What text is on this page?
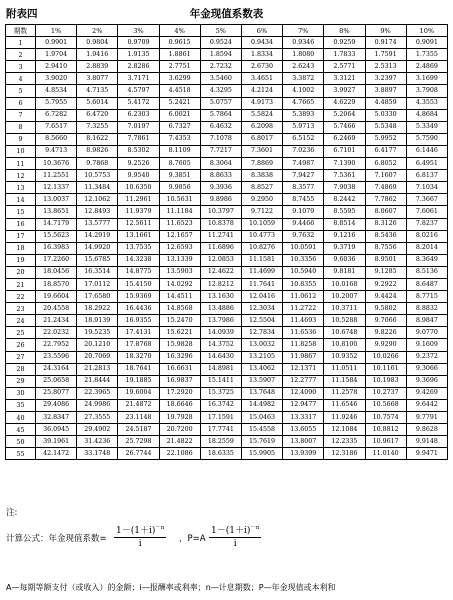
附表四	年金现值系数表
期数	1%	2%	3%	4%	5%	6%	7%	8%	9%	10%
1	0.9901	0.9804	0.9709	0.9615	0.9524	0.9434	0.9346	0.9259	0.9174	0.9091
2	1.9704	1.9416	1.9135	1.8861	1.8594	1.8334	1.8080	1.7833	1.7591	1.7355
3	2.9410	2.8839	2.8286	2.7751	2.7232	2.6730	2.6243	2.5771	2.5313	2.4869
4	3.9020	3.8077	3.7171	3.6299	3.5460	3.4651	3.3872	3.3121	3.2397	3.1699
5	4.8534	4.7135	4.5797	4.4518	4.3295	4.2124	4.1002	3.9927	3.8897	3.7908
6	5.7955	5.6014	5.4172	5.2421	5.0757	4.9173	4.7665	4.6229	4.4859	4.3553
7	6.7282	6.4720	6.2303	6.0021	5.7864	5.5824	5.3893	5.2064	5.0330	4.8684
8	7.6517	7.3255	7.0197	6.7327	6.4632	6.2098	5.9713	5.7466	5.5348	5.3349
9	8.5660	8.1622	7.7861	7.4353	7.1078	6.8017	6.5152	6.2469	5.9952	5.7590
10	9.4713	8.9826	8.5302	8.1109	7.7217	7.3601	7.0236	6.7101	6.4177	6.1446
11	10.3676	9.7868	9.2526	8.7605	8.3064	7.8869	7.4987	7.1390	6.8052	6.4951
12	11.2551	10.5753	9.9540	9.3851	8.8633	8.3838	7.9427	7.5361	7.1607	6.8137
13	12.1337	11.3484	10.6350	9.9856	9.3936	8.8527	8.3577	7.9038	7.4869	7.1034
14	13.0037	12.1062	11.2961	10.5631	9.8986	9.2950	8.7455	8.2442	7.7862	7.3667
15	13.8651	12.8493	11.9379	11.1184	10.3797	9.7122	9.1079	8.5595	8.0607	7.6061
16	14.7179	13.5777	12.5611	11.6523	10.8378	10.1059	9.4466	8.8514	8.3126	7.8237
17	15.5623	14.2919	13.1661	12.1657	11.2741	10.4773	9.7632	9.1216	8.5436	8.0216
18	16.3983	14.9920	13.7535	12.6593	11.6896	10.8276	10.0591	9.3719	8.7556	8.2014
19	17.2260	15.6785	14.3238	13.1339	12.0853	11.1581	10.3356	9.6036	8.9501	8.3649
20	18.0456	16.3514	14.8775	13.5903	12.4622	11.4699	10.5940	9.8181	9.1285	8.5136
21	18.8570	17.0112	15.4150	14.0292	12.8212	11.7641	10.8355	10.0168	9.2922	8.6487
22	19.6604	17.6580	15.9369	14.4511	13.1630	12.0416	11.0612	10.2007	9.4424	8.7715
23	20.4558	18.2922	16.4436	14.8568	13.4886	12.3034	11.2722	10.3711	9.5802	8.8832
24	21.2434	18.9139	16.9355	15.2470	13.7986	12.5504	11.4693	10.5288	9.7066	8.9847
25	22.0232	19.5235	17.4131	15.6221	14.0939	12.7834	11.6536	10.6748	9.8226	9.0770
26	22.7952	20.1210	17.8768	15.9828	14.3752	13.0032	11.8258	10.8100	9.9290	9.1609
27	23.5596	20.7069	18.3270	16.3296	14.6430	13.2105	11.9867	10.9352	10.0266	9.2372
28	24.3164	21.2813	18.7641	16.6631	14.8981	13.4062	12.1371	11.0511	10.1161	9.3066
29	25.0658	21.8444	19.1885	16.9837	15.1411	13.5907	12.2777	11.1584	10.1983	9.3696
30	25.8077	22.3965	19.6004	17.2920	15.3725	13.7648	12.4090	11.2578	10.2737	9.4269
35	29.4086	24.9986	21.4872	18.6646	16.3742	14.4982	12.9477	11.6546	10.5668	9.6442
40	32.8347	27.3555	23.1148	19.7928	17.1591	15.0463	13.3317	11.9246	10.7574	9.7791
45	36.0945	29.4902	24.5187	20.7200	17.7741	15.4558	13.6055	12.1084	10.8812	9.8628
50	39.1961	31.4236	25.7298	21.4822	18.2559	15.7619	13.8007	12.2335	10.9617	9.9148
55	42.1472	33.1748	26.7744	22.1086	18.6335	15.9905	13.9399	12.3186	11.0140	9.9471
注:
计算公式：年金现值系数= $\frac{1-(1+i)^{-n}}{i}$ ，$P=A \frac{1-(1+i)^{-n}}{i}$
A—每期等额支付（或收入）的金额；i—报酬率或利率；n—计息期数；P—年金现值或本利和
